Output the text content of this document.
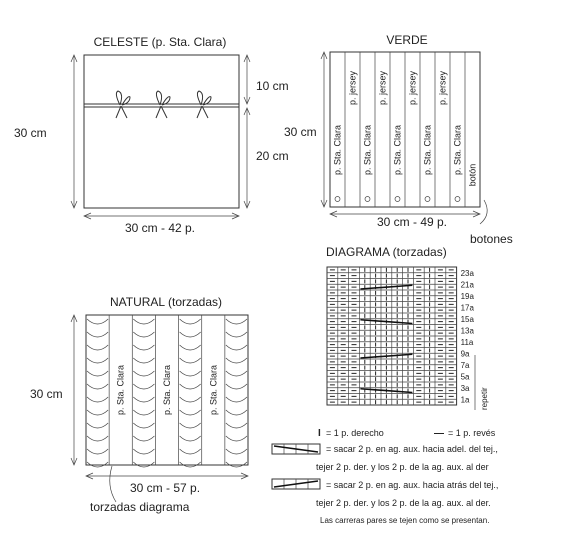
CELESTE (p. Sta. Clara)
30 cm
10 cm
20 cm
30 cm - 42 p.
VERDE
p. Sta. Clara
p. jersey
p. Sta. Clara
p. jersey
p. Sta. Clara
p. jersey
p. Sta. Clara
p. jersey
p. Sta. Clara botón
30 cm
30 cm - 49 p.
botones
DIAGRAMA (torzadas)
23a
21a
19a
17a
15a
13a
11a
9a
7a
5a
3a
1a repetir
NATURAL (torzadas)
p. Sta. Clara	p. Sta. Clara	p. Sta. Clara
30 cm
30 cm - 57 p.
torzadas diagrama
I = 1 p. derecho	— = 1 p. revés
= sacar 2 p. en ag. aux. hacia adel. del tej.,
tejer 2 p. der. y los 2 p. de la ag. aux. al der
= sacar 2 p. en ag. aux. hacia atrás del tej.,
tejer 2 p. der. y los 2 p. de la ag. aux. al der.
Las carreras pares se tejen como se presentan.
